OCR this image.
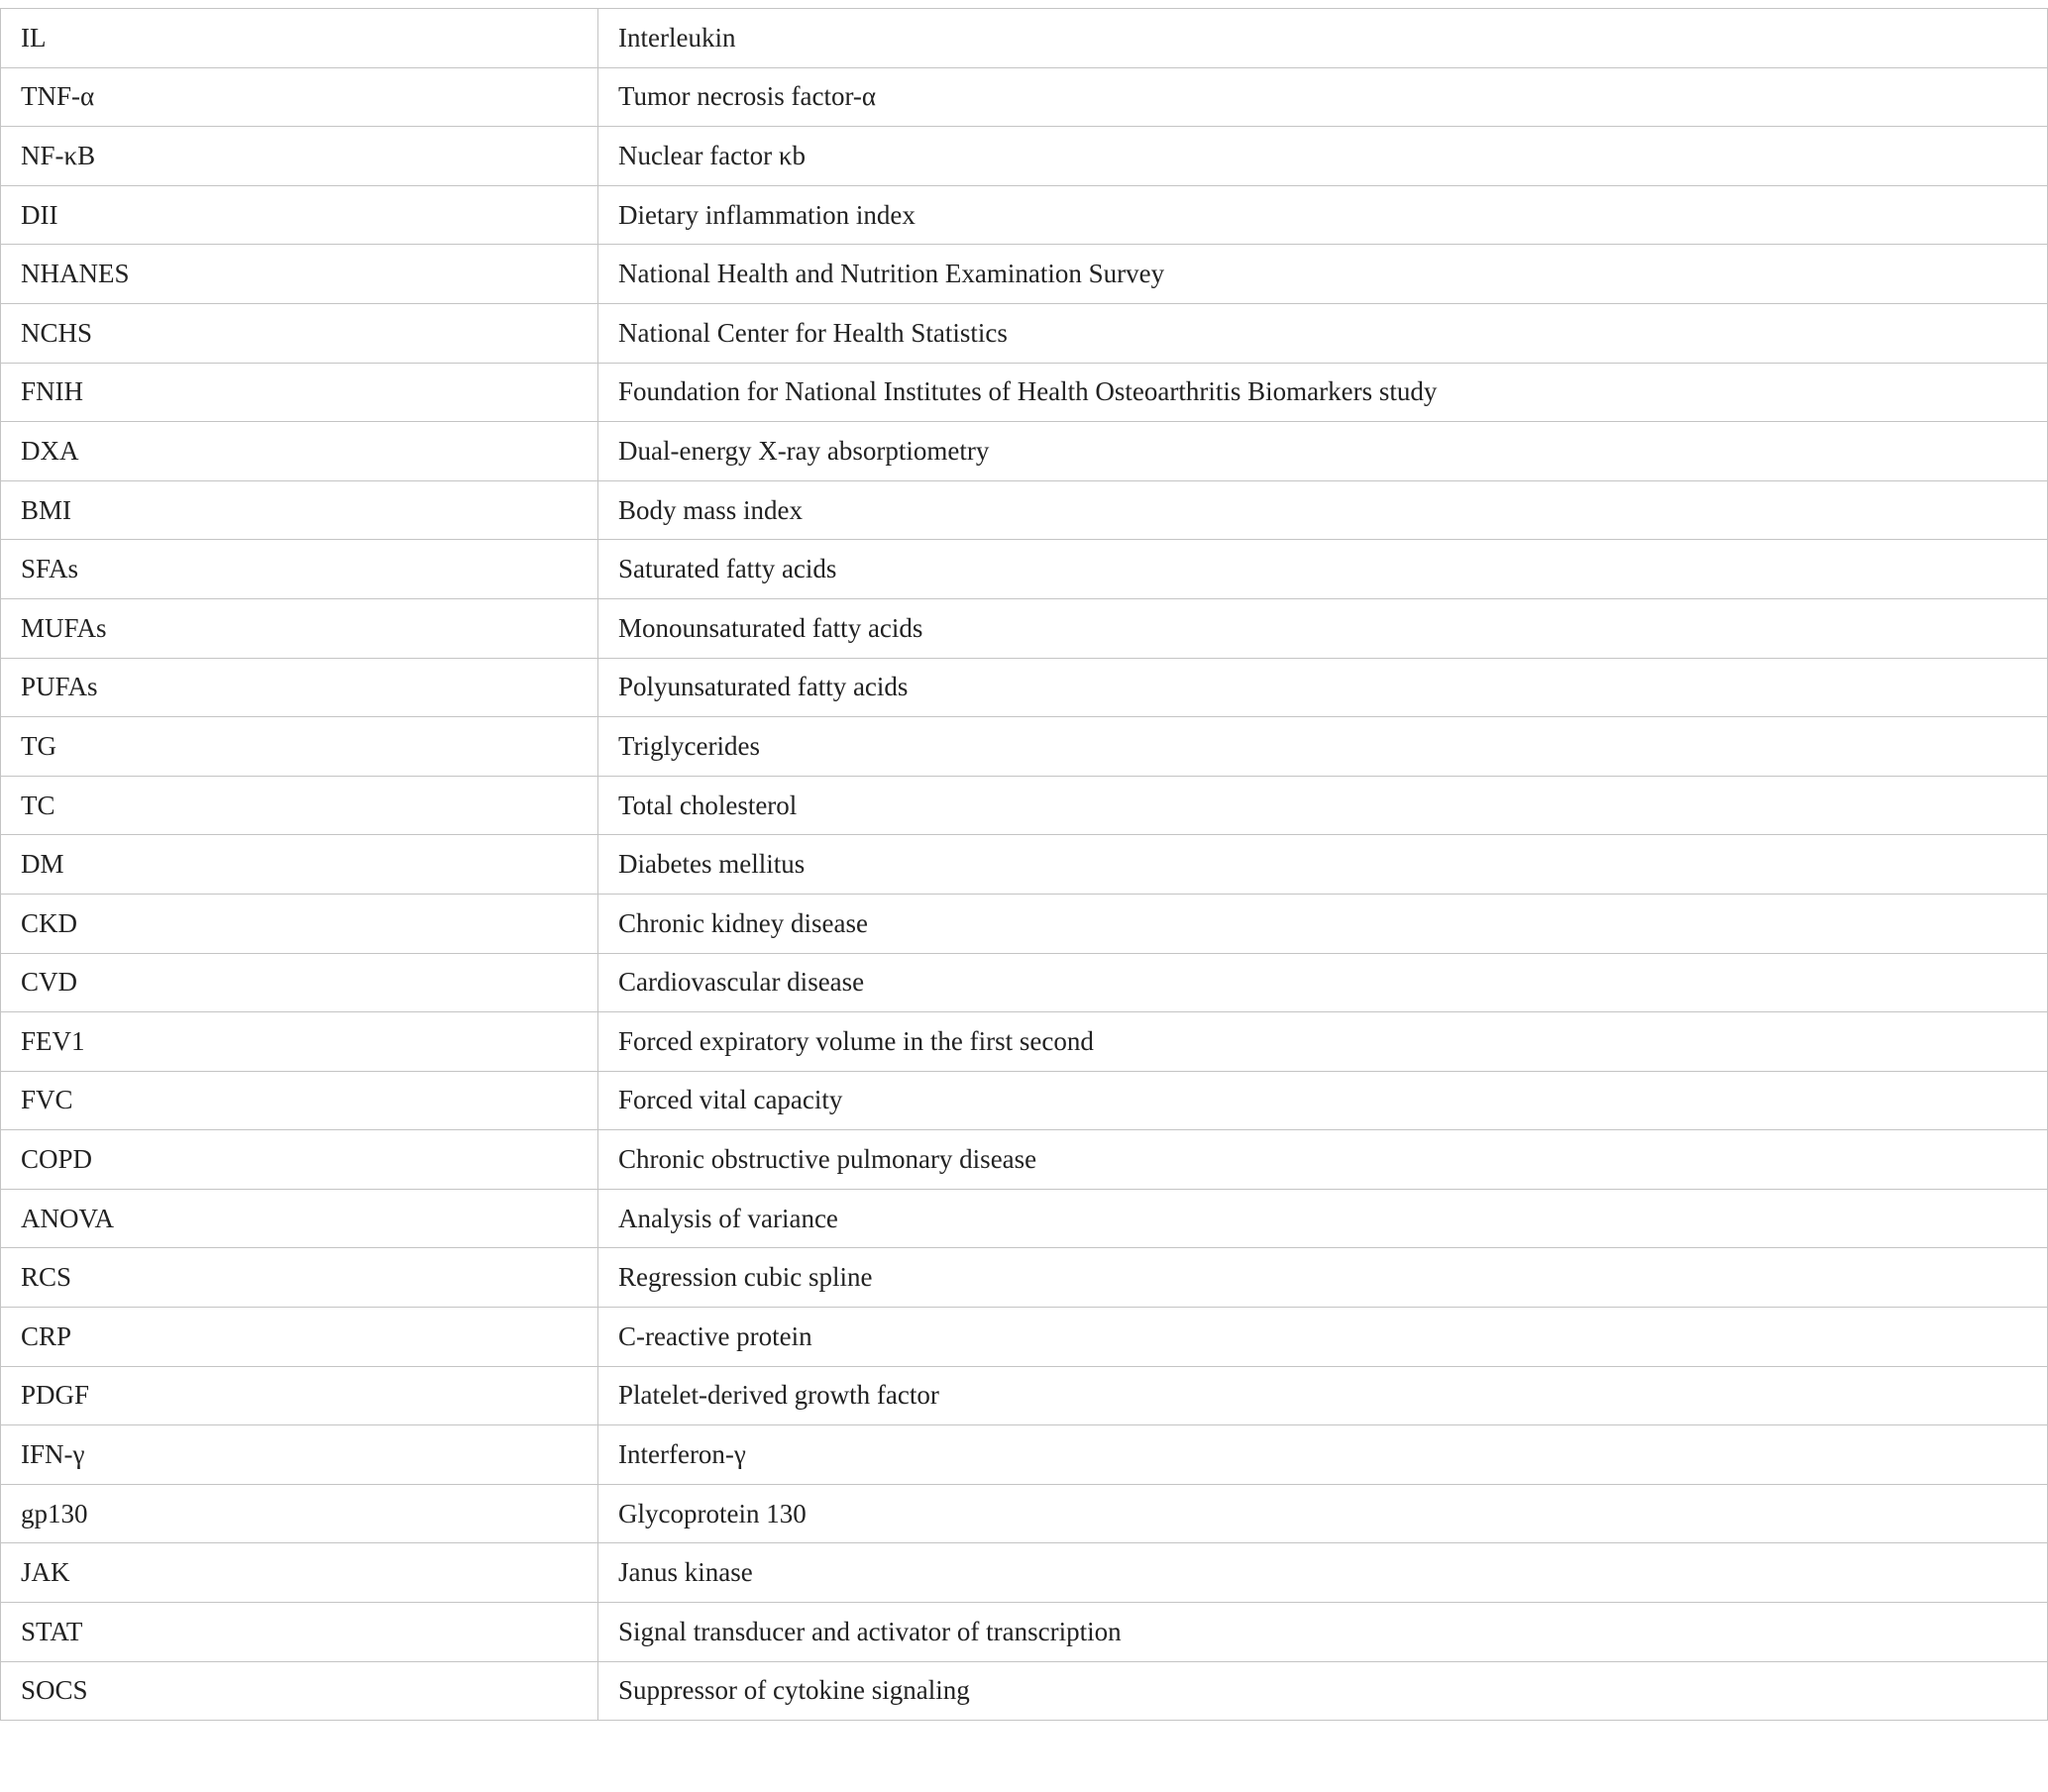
IL	Interleukin
TNF-α	Tumor necrosis factor-α
NF-κB	Nuclear factor κb
DII	Dietary inflammation index
NHANES	National Health and Nutrition Examination Survey
NCHS	National Center for Health Statistics
FNIH	Foundation for National Institutes of Health Osteoarthritis Biomarkers study
DXA	Dual-energy X-ray absorptiometry
BMI	Body mass index
SFAs	Saturated fatty acids
MUFAs	Monounsaturated fatty acids
PUFAs	Polyunsaturated fatty acids
TG	Triglycerides
TC	Total cholesterol
DM	Diabetes mellitus
CKD	Chronic kidney disease
CVD	Cardiovascular disease
FEV1	Forced expiratory volume in the first second
FVC	Forced vital capacity
COPD	Chronic obstructive pulmonary disease
ANOVA	Analysis of variance
RCS	Regression cubic spline
CRP	C-reactive protein
PDGF	Platelet-derived growth factor
IFN-γ	Interferon-γ
gp130	Glycoprotein 130
JAK	Janus kinase
STAT	Signal transducer and activator of transcription
SOCS	Suppressor of cytokine signaling
